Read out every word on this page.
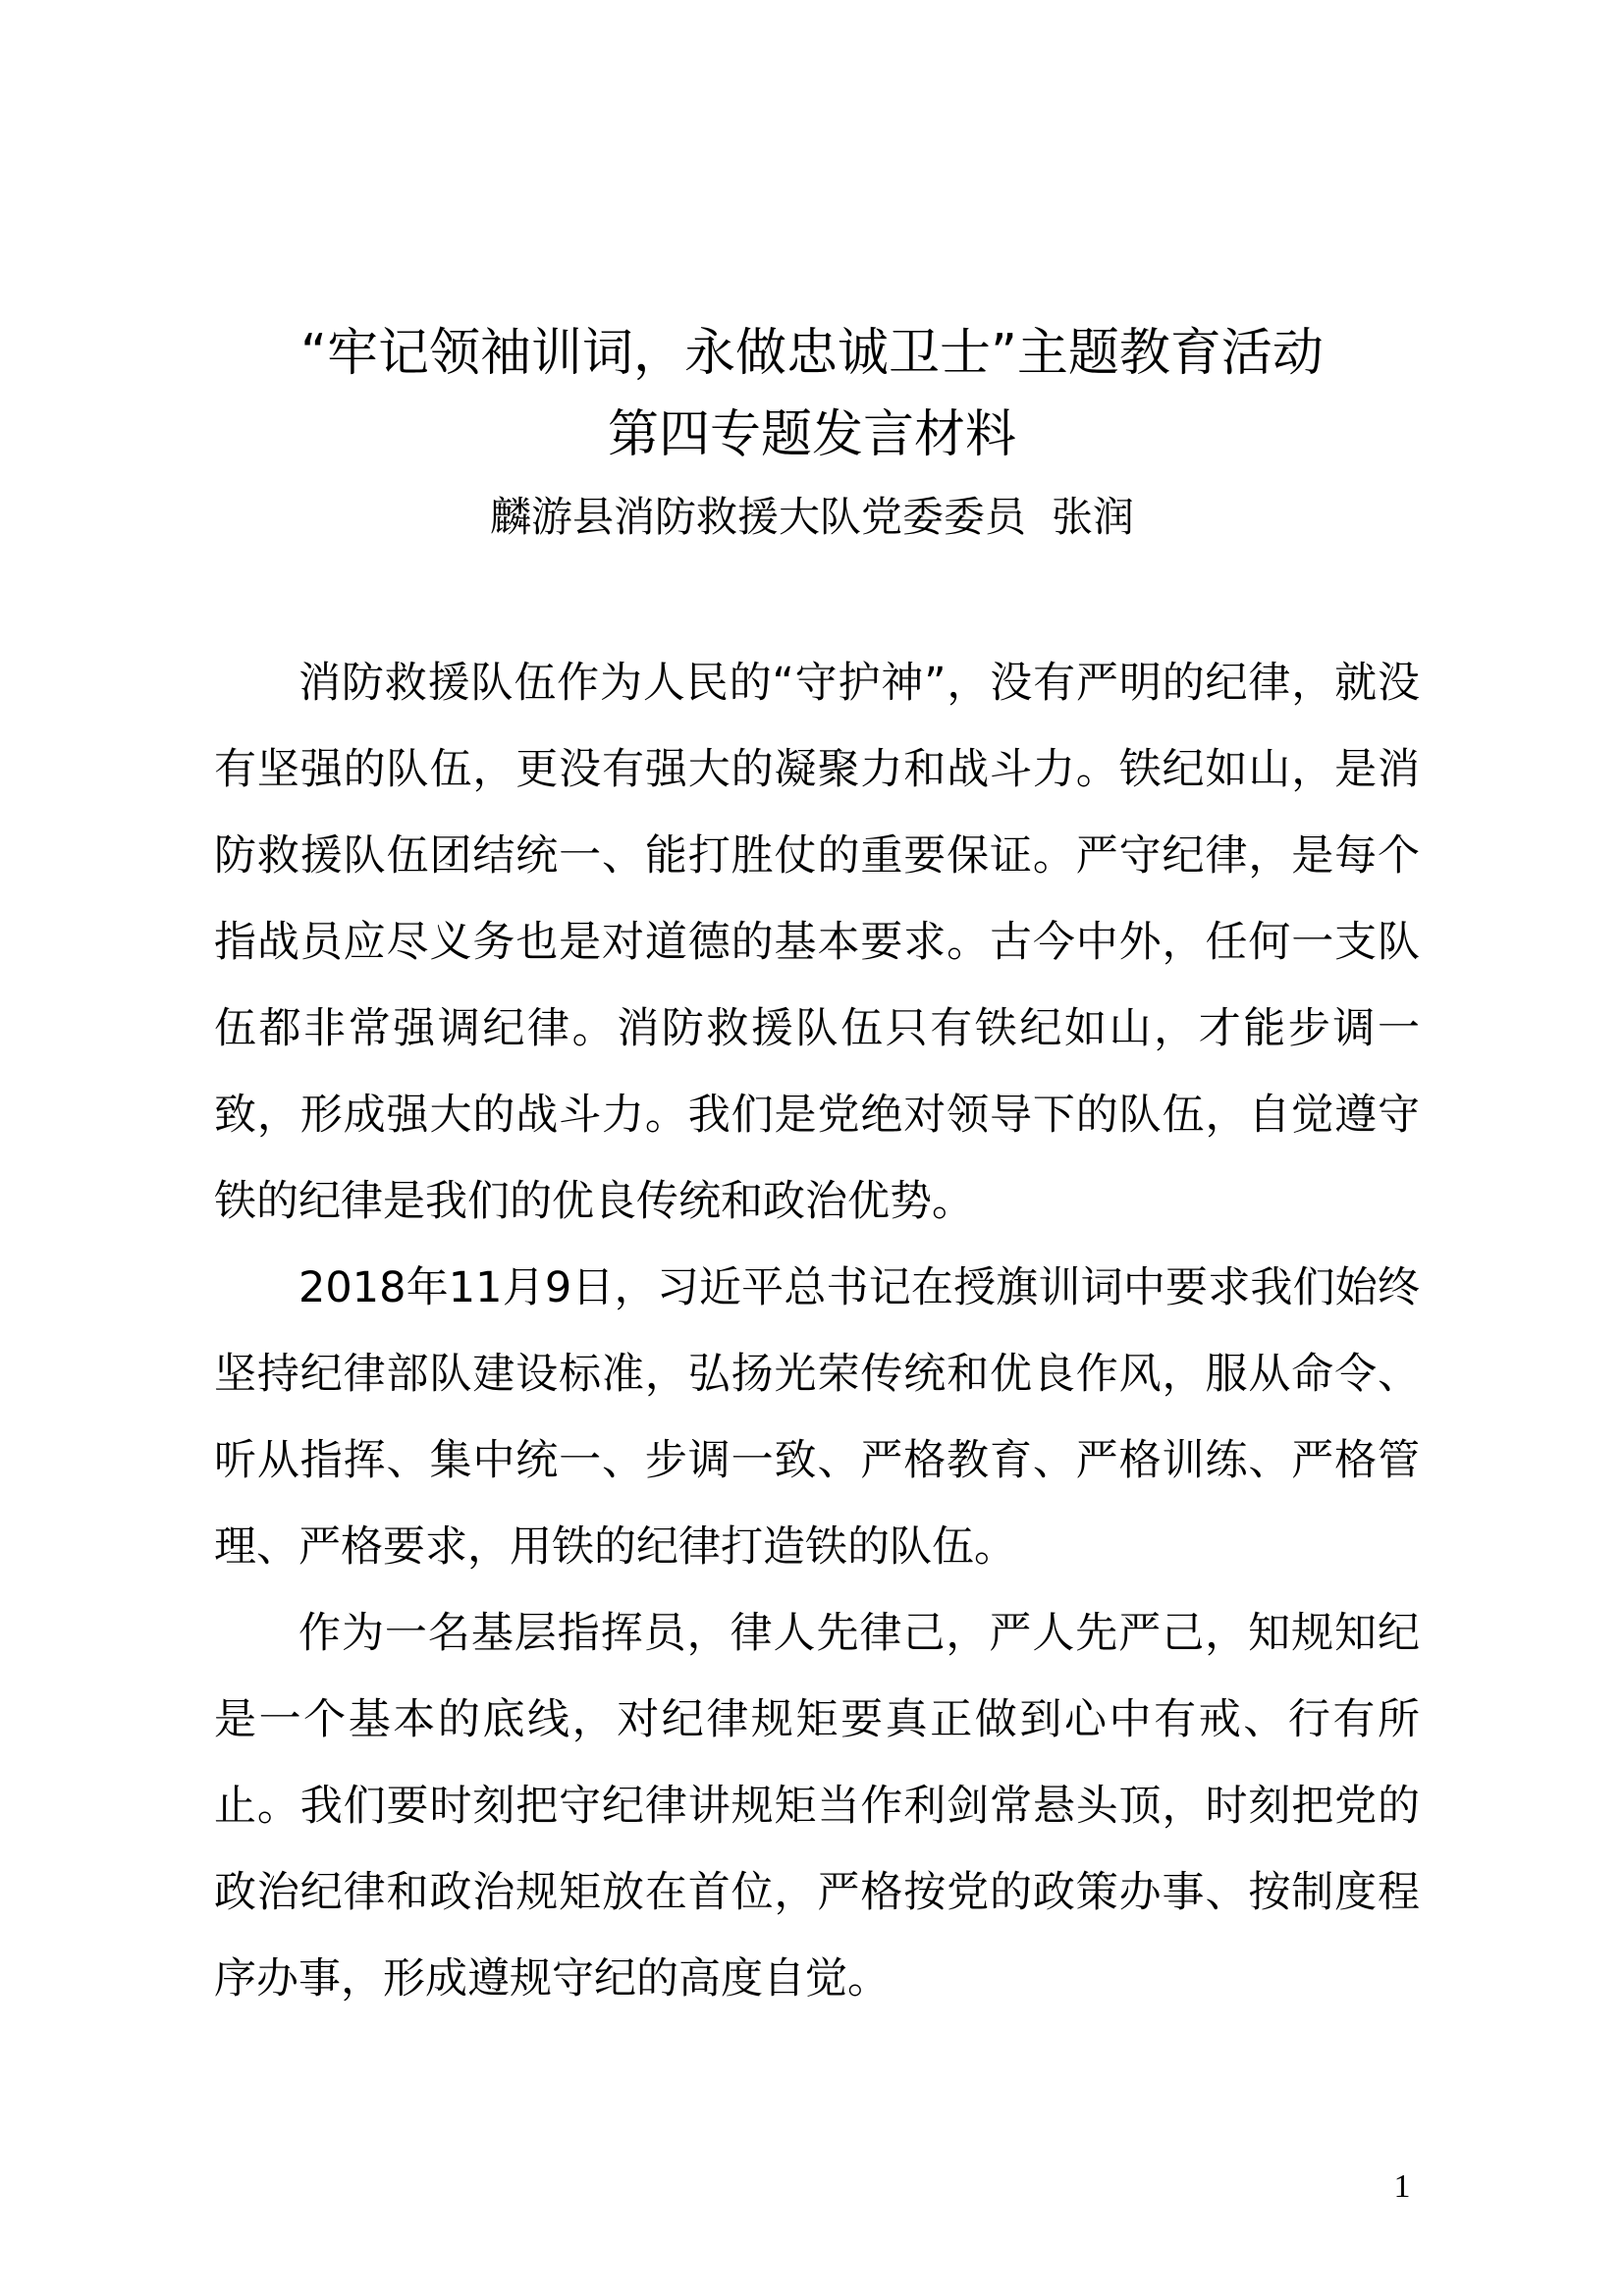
“牢记领袖训词，永做忠诚卫士”主题教育活动
第四专题发言材料
麟游县消防救援大队党委委员 张润

消防救援队伍作为人民的“守护神”，没有严明的纪律，就没有坚强的队伍，更没有强大的凝聚力和战斗力。铁纪如山，是消防救援队伍团结统一、能打胜仗的重要保证。严守纪律，是每个指战员应尽义务也是对道德的基本要求。古今中外，任何一支队伍都非常强调纪律。消防救援队伍只有铁纪如山，才能步调一致，形成强大的战斗力。我们是党绝对领导下的队伍，自觉遵守铁的纪律是我们的优良传统和政治优势。

2018年11月9日，习近平总书记在授旗训词中要求我们始终坚持纪律部队建设标准，弘扬光荣传统和优良作风，服从命令、听从指挥、集中统一、步调一致、严格教育、严格训练、严格管理、严格要求，用铁的纪律打造铁的队伍。

作为一名基层指挥员，律人先律己，严人先严己，知规知纪是一个基本的底线，对纪律规矩要真正做到心中有戒、行有所止。我们要时刻把守纪律讲规矩当作利剑常悬头顶，时刻把党的政治纪律和政治规矩放在首位，严格按党的政策办事、按制度程序办事，形成遵规守纪的高度自觉。

1
